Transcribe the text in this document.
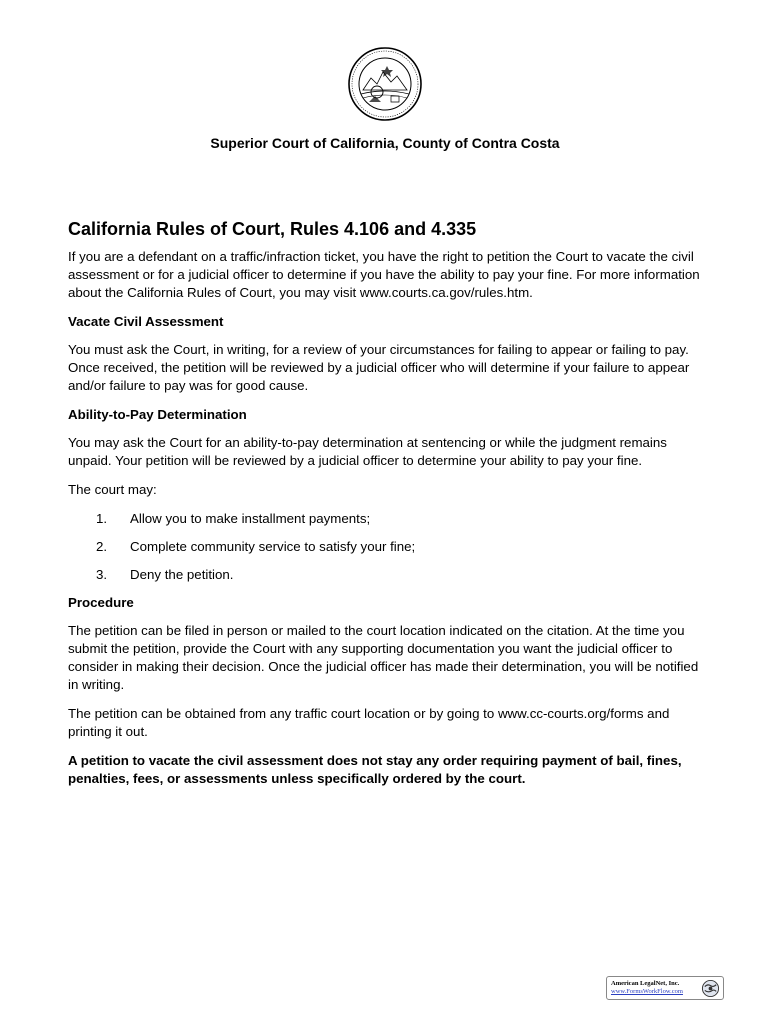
Superior Court of California, County of Contra Costa
California Rules of Court, Rules 4.106 and 4.335

If you are a defendant on a traffic/infraction ticket, you have the right to petition the Court to vacate the civil assessment or for a judicial officer to determine if you have the ability to pay your fine. For more information about the California Rules of Court, you may visit www.courts.ca.gov/rules.htm.

Vacate Civil Assessment

You must ask the Court, in writing, for a review of your circumstances for failing to appear or failing to pay. Once received, the petition will be reviewed by a judicial officer who will determine if your failure to appear and/or failure to pay was for good cause.

Ability-to-Pay Determination

You may ask the Court for an ability-to-pay determination at sentencing or while the judgment remains unpaid. Your petition will be reviewed by a judicial officer to determine your ability to pay your fine.

The court may:

1.	Allow you to make installment payments;
2.	Complete community service to satisfy your fine;
3.	Deny the petition.
Procedure

The petition can be filed in person or mailed to the court location indicated on the citation. At the time you submit the petition, provide the Court with any supporting documentation you want the judicial officer to consider in making their decision. Once the judicial officer has made their determination, you will be notified in writing.

The petition can be obtained from any traffic court location or by going to www.cc-courts.org/forms and printing it out.

A petition to vacate the civil assessment does not stay any order requiring payment of bail, fines, penalties, fees, or assessments unless specifically ordered by the court.

American LegalNet, Inc.
www.FormsWorkFlow.com
